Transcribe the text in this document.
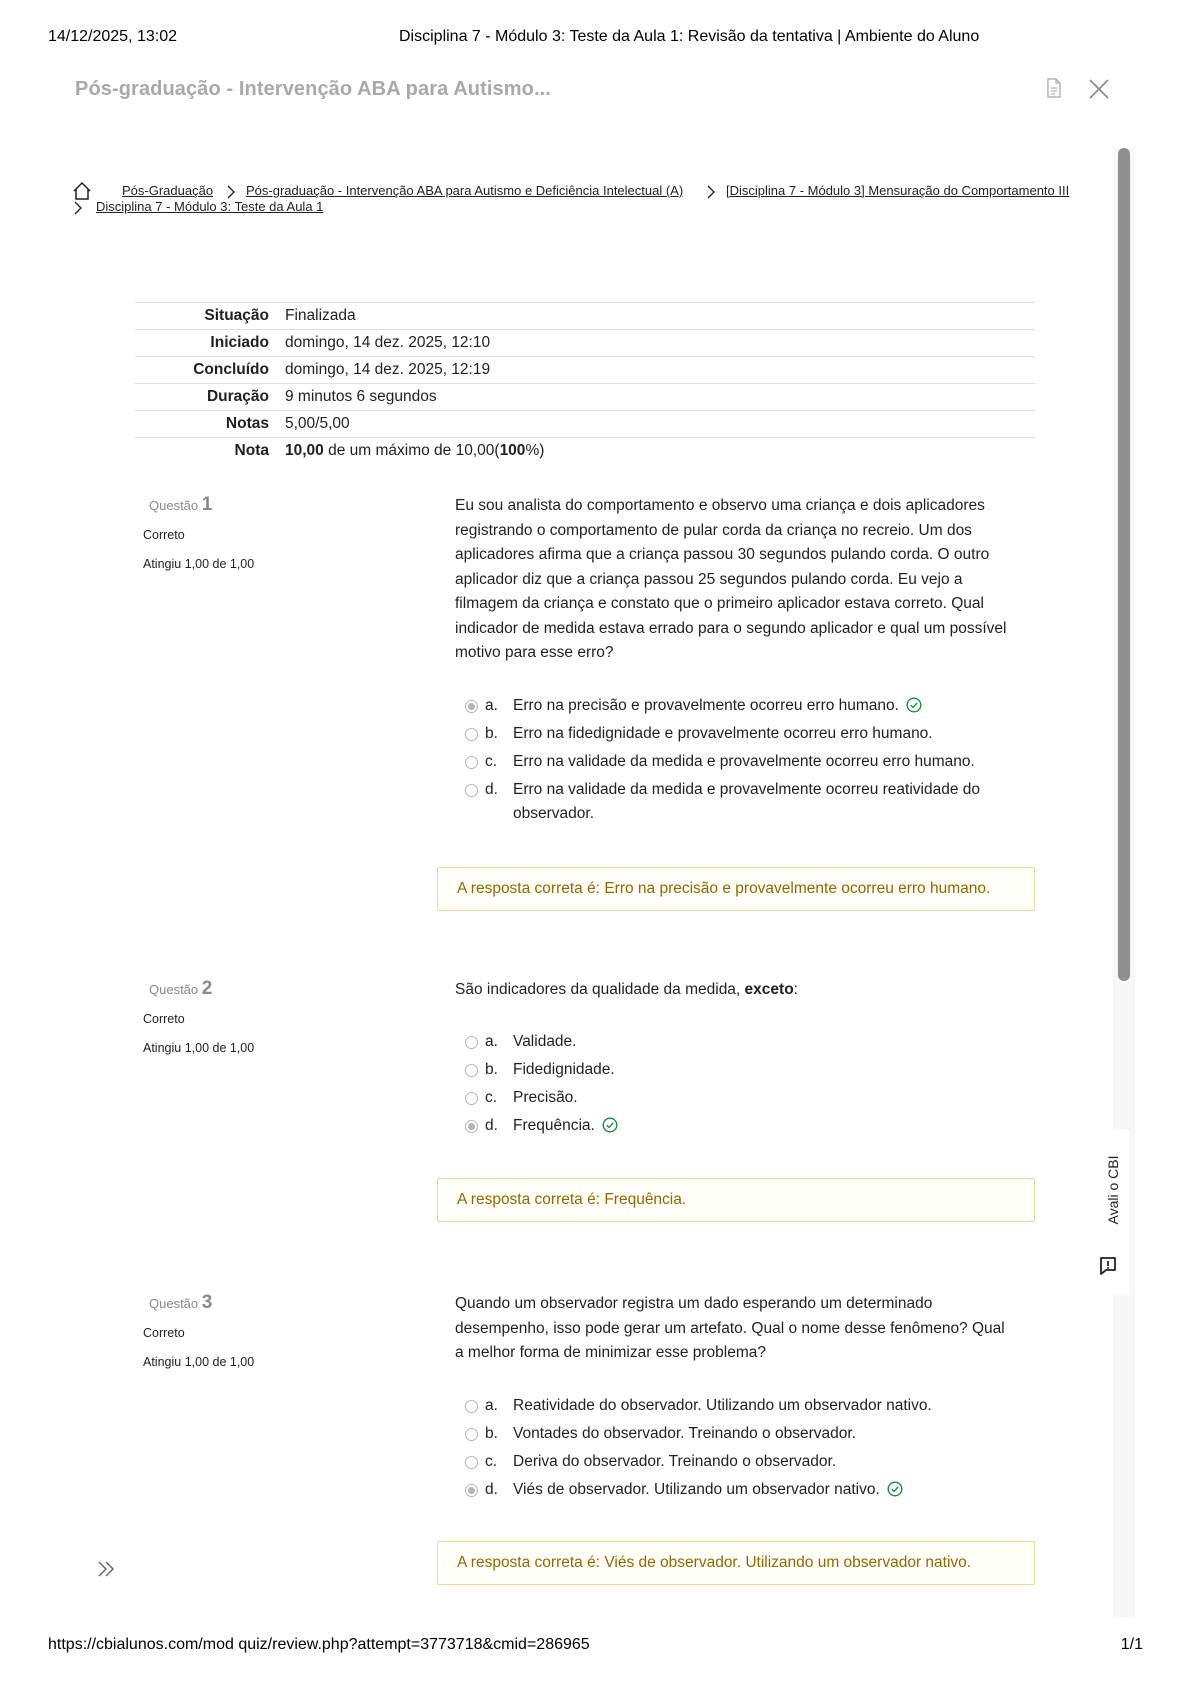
14/12/2025, 13:02	Disciplina 7 - Módulo 3: Teste da Aula 1: Revisão da tentativa | Ambiente do Aluno
Pós-graduação - Intervenção ABA para Autismo...
Avali o CBI
Pós-Graduação	Pós-graduação - Intervenção ABA para Autismo e Deficiência Intelectual (A)	[Disciplina 7 - Módulo 3] Mensuração do Comportamento III
Disciplina 7 - Módulo 3: Teste da Aula 1
Situação	Finalizada
Iniciado	domingo, 14 dez. 2025, 12:10
Concluído	domingo, 14 dez. 2025, 12:19
Duração	9 minutos 6 segundos
Notas	5,00/5,00
Nota	10,00 de um máximo de 10,00(100%)
Questão 1
Correto
Atingiu 1,00 de 1,00
Eu sou analista do comportamento e observo uma criança e dois aplicadores registrando o comportamento de pular corda da criança no recreio. Um dos aplicadores afirma que a criança passou 30 segundos pulando corda. O outro aplicador diz que a criança passou 25 segundos pulando corda. Eu vejo a filmagem da criança e constato que o primeiro aplicador estava correto. Qual indicador de medida estava errado para o segundo aplicador e qual um possível motivo para esse erro?
a. Erro na precisão e provavelmente ocorreu erro humano.
b. Erro na fidedignidade e provavelmente ocorreu erro humano.
c. Erro na validade da medida e provavelmente ocorreu erro humano.
d. Erro na validade da medida e provavelmente ocorreu reatividade do observador.
A resposta correta é: Erro na precisão e provavelmente ocorreu erro humano.
Questão 2
Correto
Atingiu 1,00 de 1,00
São indicadores da qualidade da medida, exceto:
a. Validade.
b. Fidedignidade.
c. Precisão.
d. Frequência.
A resposta correta é: Frequência.
Questão 3
Correto
Atingiu 1,00 de 1,00
Quando um observador registra um dado esperando um determinado desempenho, isso pode gerar um artefato. Qual o nome desse fenômeno? Qual a melhor forma de minimizar esse problema?
a. Reatividade do observador. Utilizando um observador nativo.
b. Vontades do observador. Treinando o observador.
c. Deriva do observador. Treinando o observador.
d. Viés de observador. Utilizando um observador nativo.
A resposta correta é: Viés de observador. Utilizando um observador nativo.
https://cbialunos.com/mod quiz/review.php?attempt=3773718&cmid=286965	1/1
